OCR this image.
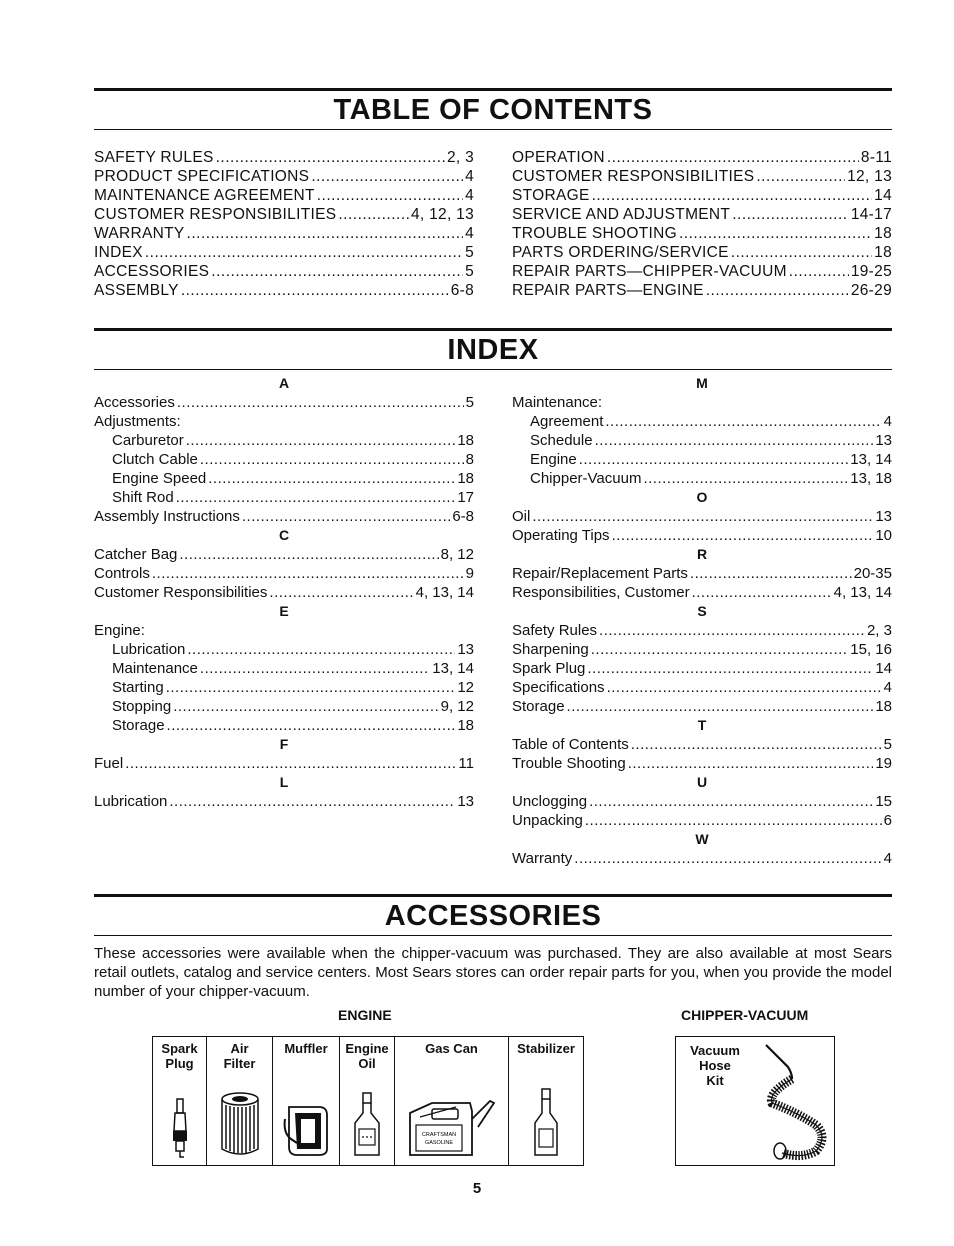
TABLE OF CONTENTS
SAFETY RULES .....	2, 3
PRODUCT SPECIFICATIONS .....	4
MAINTENANCE AGREEMENT .....	4
CUSTOMER RESPONSIBILITIES .....	4, 12, 13
WARRANTY .....	4
INDEX .....	5
ACCESSORIES .....	5
ASSEMBLY .....	6-8
OPERATION .....	8-11
CUSTOMER RESPONSIBILITIES .....	12, 13
STORAGE .....	14
SERVICE AND ADJUSTMENT .....	14-17
TROUBLE SHOOTING .....	18
PARTS ORDERING/SERVICE .....	18
REPAIR PARTS—CHIPPER-VACUUM .....	19-25
REPAIR PARTS—ENGINE .....	26-29
INDEX
A
Accessories .....	5
Adjustments:
Carburetor .....	18
Clutch Cable .....	8
Engine Speed .....	18
Shift Rod .....	17
Assembly Instructions .....	6-8
C
Catcher Bag .....	8, 12
Controls .....	9
Customer Responsibilities .....	4, 13, 14
E
Engine:
Lubrication .....	13
Maintenance .....	13, 14
Starting .....	12
Stopping .....	9, 12
Storage .....	18
F
Fuel .....	11
L
Lubrication .....	13
M
Maintenance:
Agreement .....	4
Schedule .....	13
Engine .....	13, 14
Chipper-Vacuum .....	13, 18
O
Oil .....	13
Operating Tips .....	10
R
Repair/Replacement Parts .....	20-35
Responsibilities, Customer .....	4, 13, 14
S
Safety Rules .....	2, 3
Sharpening .....	15, 16
Spark Plug .....	14
Specifications .....	4
Storage .....	18
T
Table of Contents .....	5
Trouble Shooting .....	19
U
Unclogging .....	15
Unpacking .....	6
W
Warranty .....	4
ACCESSORIES

These accessories were available when the chipper-vacuum was purchased. They are also available at most Sears retail outlets, catalog and service centers. Most Sears stores can order repair parts for you, when you provide the model number of your chipper-vacuum.

ENGINE	CHIPPER-VACUUM
Spark
Plug
Air
Filter
Muffler	Engine
Oil
Gas Can
CRAFTSMAN
GASOLINE
Stabilizer	Vacuum
Hose
Kit
5
